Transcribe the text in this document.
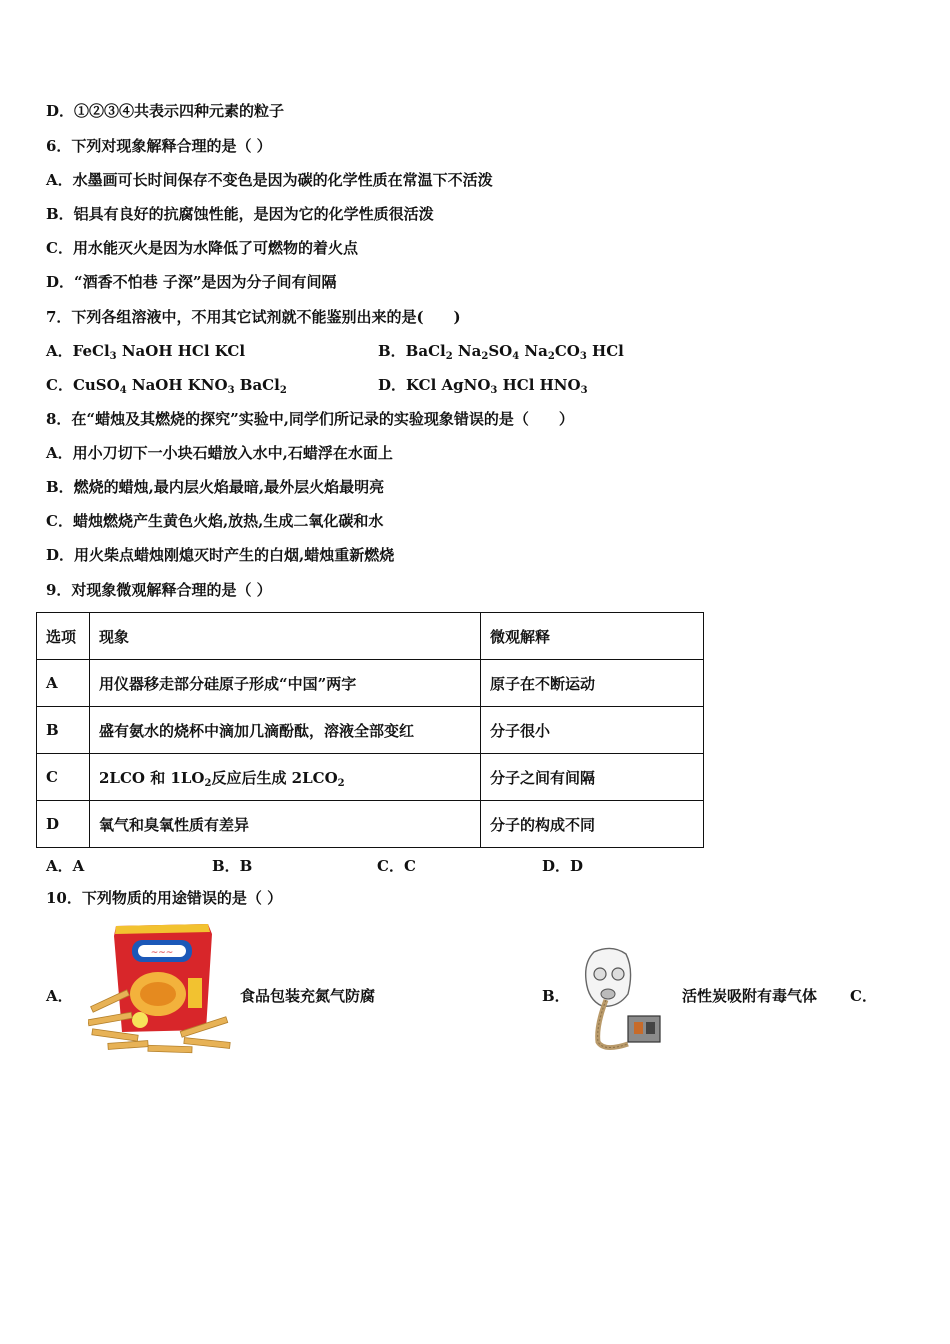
D．①②③④共表示四种元素的粒子
6．下列对现象解释合理的是（ ）
A．水墨画可长时间保存不变色是因为碳的化学性质在常温下不活泼
B．铝具有良好的抗腐蚀性能，是因为它的化学性质很活泼
C．用水能灭火是因为水降低了可燃物的着火点
D．“酒香不怕巷 子深”是因为分子间有间隔
7．下列各组溶液中，不用其它试剂就不能鉴别出来的是(　　)
A．FeCl$_3$ NaOH HCl KCl	B．BaCl$_2$ $Na_2SO_4$ $Na_2CO_3$ HCl
C．CuSO$_4$ NaOH $KNO_3$ BaCl$_2$	D．KCl AgNO$_3$ HCl $HNO_3$
8．在“蜡烛及其燃烧的探究”实验中,同学们所记录的实验现象错误的是（　　）
A．用小刀切下一小块石蜡放入水中,石蜡浮在水面上
B．燃烧的蜡烛,最内层火焰最暗,最外层火焰最明亮
C．蜡烛燃烧产生黄色火焰,放热,生成二氧化碳和水
D．用火柴点蜡烛刚熄灭时产生的白烟,蜡烛重新燃烧
9．对现象微观解释合理的是（ ）
选项	现象	微观解释
A	用仪器移走部分硅原子形成“中国”两字	原子在不断运动
B	盛有氨水的烧杯中滴加几滴酚酞，溶液全部变红	分子很小
C	2LCO 和 $1LO_2$反应后生成 $2LCO_2$	分子之间有间隔
D	氧气和臭氧性质有差异	分子的构成不同
A．A	B．B	C．C	D．D
10．下列物质的用途错误的是（ ）
A．
~~~
食品包装充氮气防腐	B．	活性炭吸附有毒气体 C．
